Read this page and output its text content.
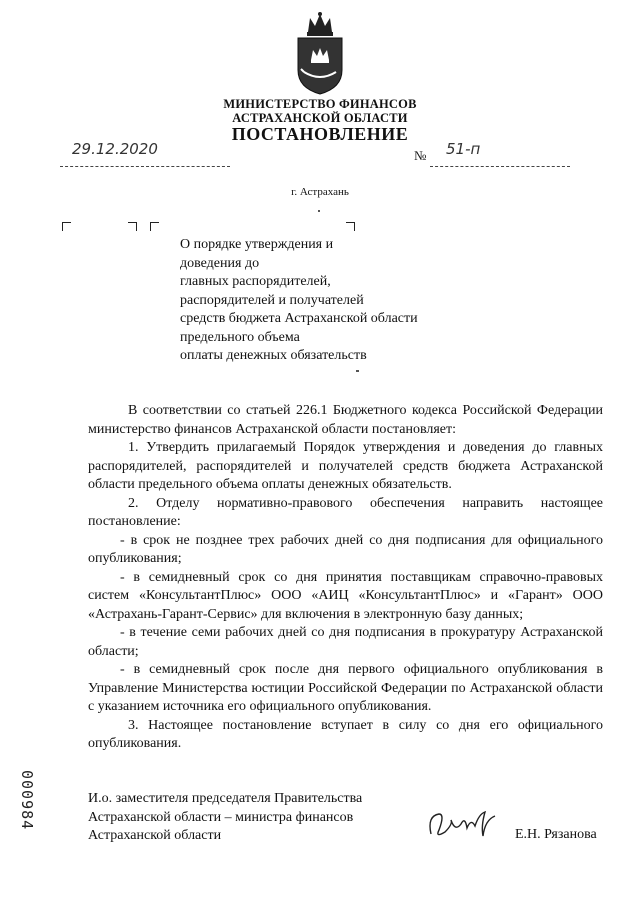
МИНИСТЕРСТВО ФИНАНСОВ
АСТРАХАНСКОЙ ОБЛАСТИ
ПОСТАНОВЛЕНИЕ
29.12.2020	№ 51-п
г. Астрахань
О порядке утверждения и
доведения до
главных распорядителей,
распорядителей и получателей
средств бюджета Астраханской области
предельного объема
оплаты денежных обязательств

В соответствии со статьей 226.1 Бюджетного кодекса Российской Федерации министерство финансов Астраханской области постановляет:

1. Утвердить прилагаемый Порядок утверждения и доведения до главных распорядителей, распорядителей и получателей средств бюджета Астраханской области предельного объема оплаты денежных обязательств.

2. Отделу нормативно-правового обеспечения направить настоящее постановление:

- в срок не позднее трех рабочих дней со дня подписания для официального опубликования;

- в семидневный срок со дня принятия поставщикам справочно-правовых систем «КонсультантПлюс» ООО «АИЦ «КонсультантПлюс» и «Гарант» ООО «Астрахань-Гарант-Сервис» для включения в электронную базу данных;

- в течение семи рабочих дней со дня подписания в прокуратуру Астраханской области;

- в семидневный срок после дня первого официального опубликования в Управление Министерства юстиции Российской Федерации по Астраханской области с указанием источника его официального опубликования.

3. Настоящее постановление вступает в силу со дня его официального опубликования.

000984	И.о. заместителя председателя Правительства
Астраханской области – министра финансов
Астраханской области	Е.Н. Рязанова
